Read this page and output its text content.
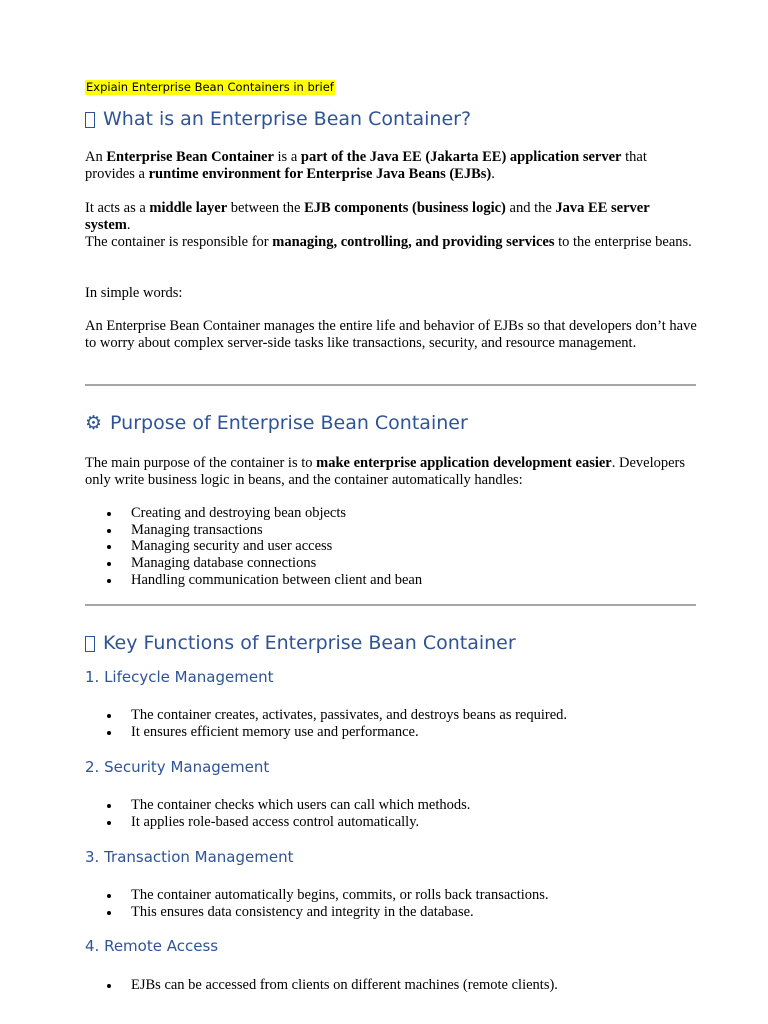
Expiain Enterprise Bean Containers in brief
What is an Enterprise Bean Container?

An Enterprise Bean Container is a part of the Java EE (Jakarta EE) application server that provides a runtime environment for Enterprise Java Beans (EJBs).

It acts as a middle layer between the EJB components (business logic) and the Java EE server system.

The container is responsible for managing, controlling, and providing services to the enterprise beans.

In simple words:

An Enterprise Bean Container manages the entire life and behavior of EJBs so that developers don’t have to worry about complex server-side tasks like transactions, security, and resource management.

⚙ Purpose of Enterprise Bean Container

The main purpose of the container is to make enterprise application development easier. Developers only write business logic in beans, and the container automatically handles:

Creating and destroying bean objects
Managing transactions
Managing security and user access
Managing database connections
Handling communication between client and bean
Key Functions of Enterprise Bean Container
1. Lifecycle Management
The container creates, activates, passivates, and destroys beans as required.
It ensures efficient memory use and performance.
2. Security Management
The container checks which users can call which methods.
It applies role-based access control automatically.
3. Transaction Management
The container automatically begins, commits, or rolls back transactions.
This ensures data consistency and integrity in the database.
4. Remote Access
EJBs can be accessed from clients on different machines (remote clients).
